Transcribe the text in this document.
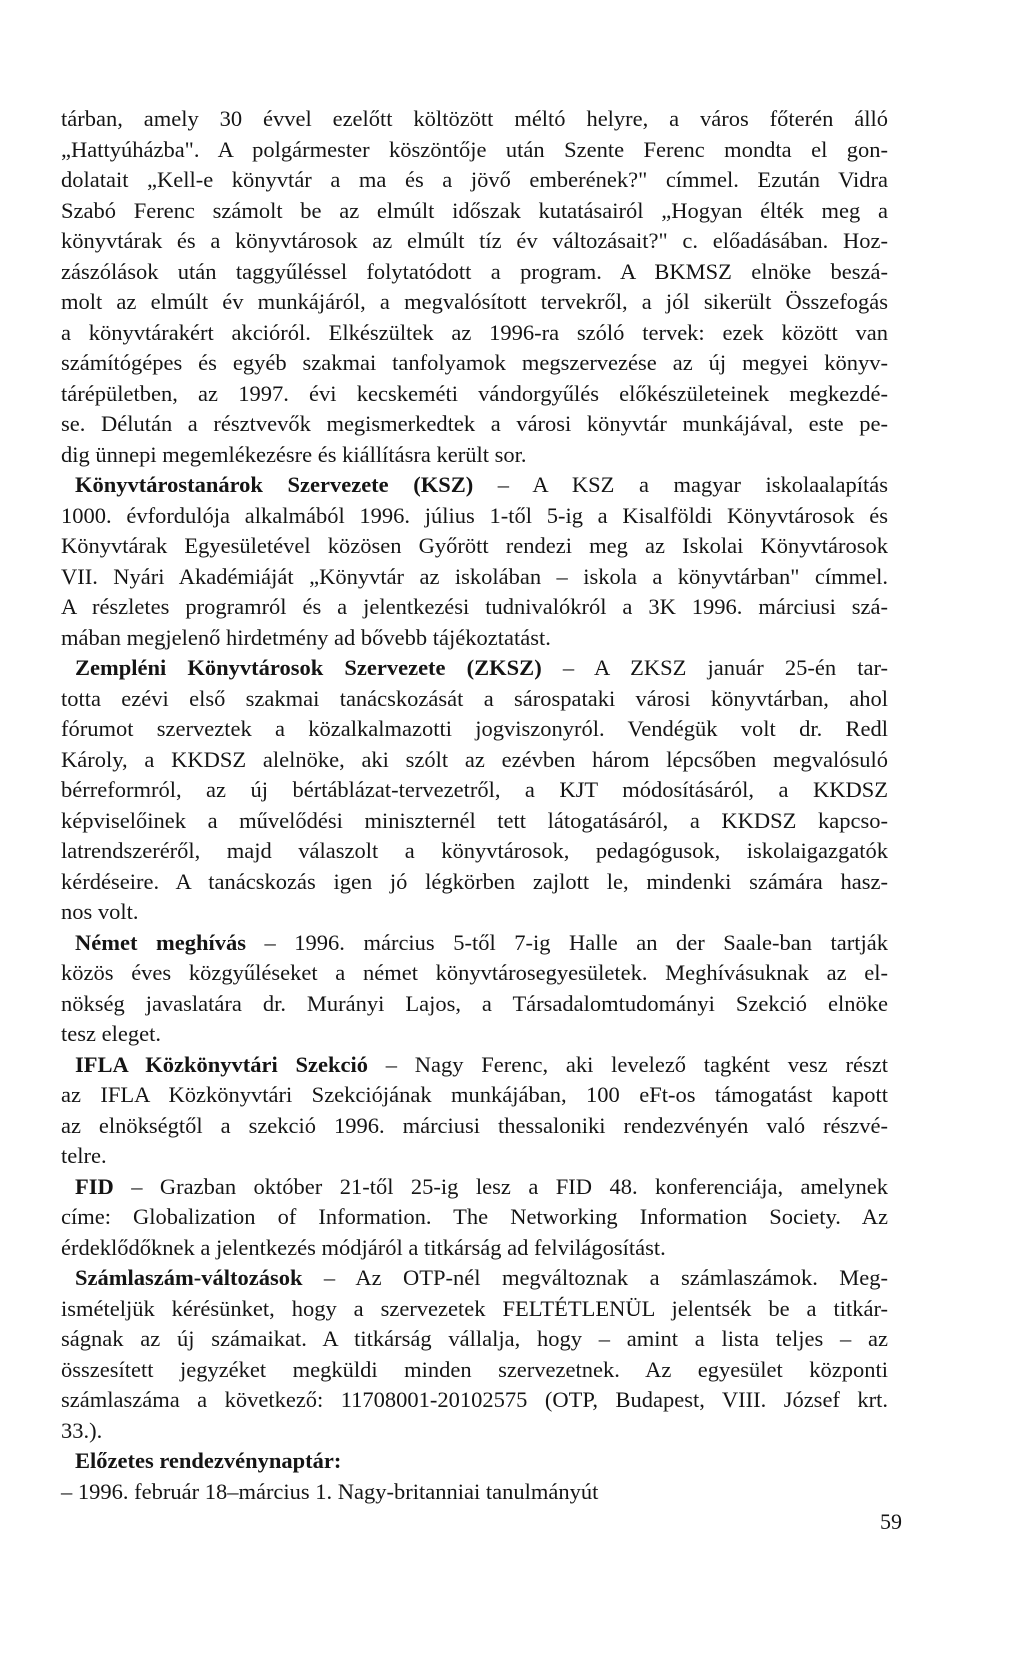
tárban, amely 30 évvel ezelőtt költözött méltó helyre, a város főterén álló
„Hattyúházba". A polgármester köszöntője után Szente Ferenc mondta el gon-
dolatait „Kell-e könyvtár a ma és a jövő emberének?" címmel. Ezután Vidra
Szabó Ferenc számolt be az elmúlt időszak kutatásairól „Hogyan élték meg a
könyvtárak és a könyvtárosok az elmúlt tíz év változásait?" c. előadásában. Hoz-
zászólások után taggyűléssel folytatódott a program. A BKMSZ elnöke beszá-
molt az elmúlt év munkájáról, a megvalósított tervekről, a jól sikerült Összefogás
a könyvtárakért akcióról. Elkészültek az 1996-ra szóló tervek: ezek között van
számítógépes és egyéb szakmai tanfolyamok megszervezése az új megyei könyv-
tárépületben, az 1997. évi kecskeméti vándorgyűlés előkészületeinek megkezdé-
se. Délután a résztvevők megismerkedtek a városi könyvtár munkájával, este pe-
dig ünnepi megemlékezésre és kiállításra került sor.
Könyvtárostanárok Szervezete (KSZ) – A KSZ a magyar iskolaalapítás
1000. évfordulója alkalmából 1996. július 1-től 5-ig a Kisalföldi Könyvtárosok és
Könyvtárak Egyesületével közösen Győrött rendezi meg az Iskolai Könyvtárosok
VII. Nyári Akadémiáját „Könyvtár az iskolában – iskola a könyvtárban" címmel.
A részletes programról és a jelentkezési tudnivalókról a 3K 1996. márciusi szá-
mában megjelenő hirdetmény ad bővebb tájékoztatást.
Zempléni Könyvtárosok Szervezete (ZKSZ) – A ZKSZ január 25-én tar-
totta ezévi első szakmai tanácskozását a sárospataki városi könyvtárban, ahol
fórumot szerveztek a közalkalmazotti jogviszonyról. Vendégük volt dr. Redl
Károly, a KKDSZ alelnöke, aki szólt az ezévben három lépcsőben megvalósuló
bérreformról, az új bértáblázat-tervezetről, a KJT módosításáról, a KKDSZ
képviselőinek a művelődési miniszternél tett látogatásáról, a KKDSZ kapcso-
latrendszeréről, majd válaszolt a könyvtárosok, pedagógusok, iskolaigazgatók
kérdéseire. A tanácskozás igen jó légkörben zajlott le, mindenki számára hasz-
nos volt.
Német meghívás – 1996. március 5-től 7-ig Halle an der Saale-ban tartják
közös éves közgyűléseket a német könyvtárosegyesületek. Meghívásuknak az el-
nökség javaslatára dr. Murányi Lajos, a Társadalomtudományi Szekció elnöke
tesz eleget.
IFLA Közkönyvtári Szekció – Nagy Ferenc, aki levelező tagként vesz részt
az IFLA Közkönyvtári Szekciójának munkájában, 100 eFt-os támogatást kapott
az elnökségtől a szekció 1996. márciusi thessaloniki rendezvényén való részvé-
telre.
FID – Grazban október 21-től 25-ig lesz a FID 48. konferenciája, amelynek
címe: Globalization of Information. The Networking Information Society. Az
érdeklődőknek a jelentkezés módjáról a titkárság ad felvilágosítást.
Számlaszám-változások – Az OTP-nél megváltoznak a számlaszámok. Meg-
ismételjük kérésünket, hogy a szervezetek FELTÉTLENÜL jelentsék be a titkár-
ságnak az új számaikat. A titkárság vállalja, hogy – amint a lista teljes – az
összesített jegyzéket megküldi minden szervezetnek. Az egyesület központi
számlaszáma a következő: 11708001-20102575 (OTP, Budapest, VIII. József krt.
33.).
Előzetes rendezvénynaptár:
– 1996. február 18–március 1. Nagy-britanniai tanulmányút
59
